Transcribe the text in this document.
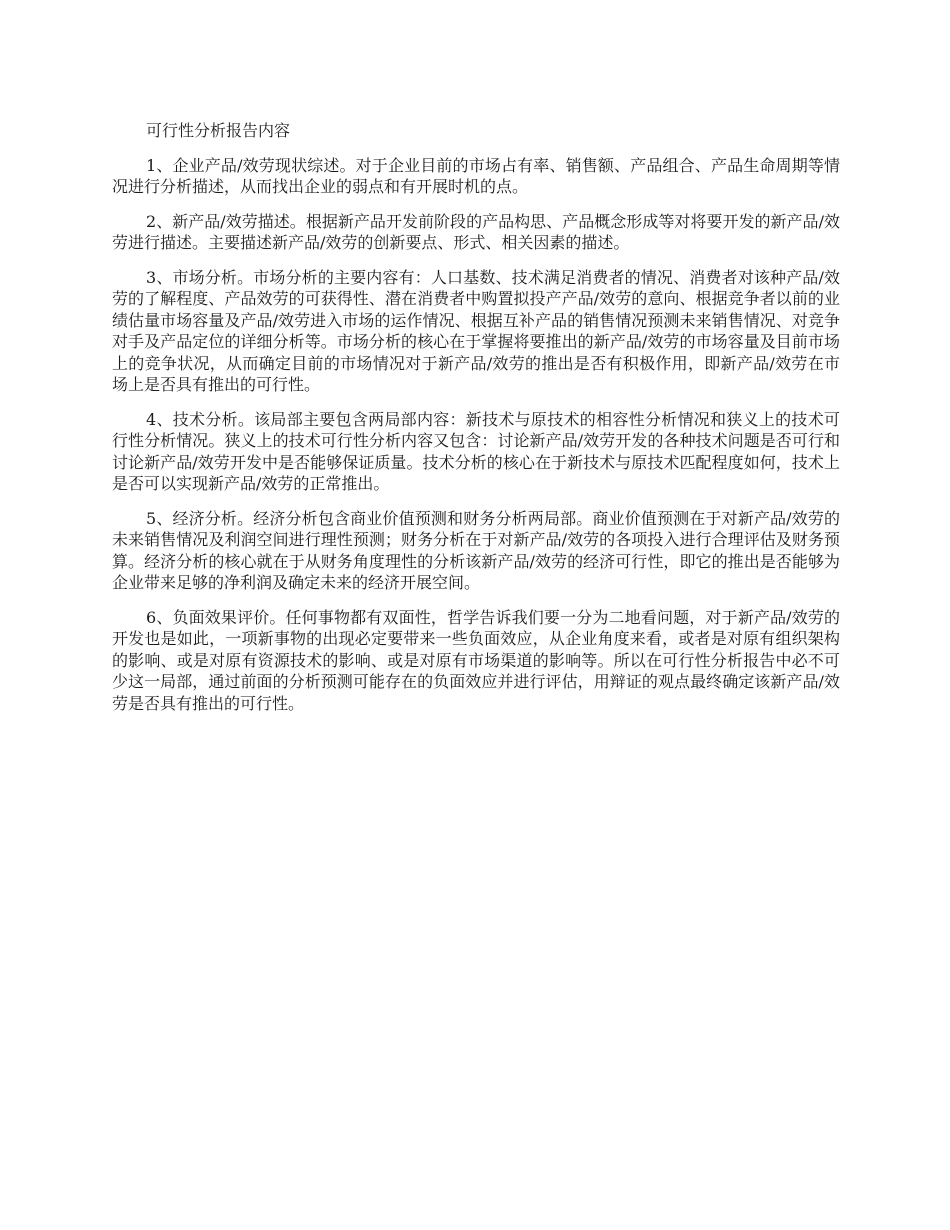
可行性分析报告内容

1、企业产品/效劳现状综述。对于企业目前的市场占有率、销售额、产品组合、产品生命周期等情况进行分析描述，从而找出企业的弱点和有开展时机的点。

2、新产品/效劳描述。根据新产品开发前阶段的产品构思、产品概念形成等对将要开发的新产品/效劳进行描述。主要描述新产品/效劳的创新要点、形式、相关因素的描述。

3、市场分析。市场分析的主要内容有：人口基数、技术满足消费者的情况、消费者对该种产品/效劳的了解程度、产品效劳的可获得性、潜在消费者中购置拟投产产品/效劳的意向、根据竞争者以前的业绩估量市场容量及产品/效劳进入市场的运作情况、根据互补产品的销售情况预测未来销售情况、对竞争对手及产品定位的详细分析等。市场分析的核心在于掌握将要推出的新产品/效劳的市场容量及目前市场上的竞争状况，从而确定目前的市场情况对于新产品/效劳的推出是否有积极作用，即新产品/效劳在市场上是否具有推出的可行性。

4、技术分析。该局部主要包含两局部内容：新技术与原技术的相容性分析情况和狭义上的技术可行性分析情况。狭义上的技术可行性分析内容又包含：讨论新产品/效劳开发的各种技术问题是否可行和讨论新产品/效劳开发中是否能够保证质量。技术分析的核心在于新技术与原技术匹配程度如何，技术上是否可以实现新产品/效劳的正常推出。

5、经济分析。经济分析包含商业价值预测和财务分析两局部。商业价值预测在于对新产品/效劳的未来销售情况及利润空间进行理性预测；财务分析在于对新产品/效劳的各项投入进行合理评估及财务预算。经济分析的核心就在于从财务角度理性的分析该新产品/效劳的经济可行性，即它的推出是否能够为企业带来足够的净利润及确定未来的经济开展空间。

6、负面效果评价。任何事物都有双面性，哲学告诉我们要一分为二地看问题，对于新产品/效劳的开发也是如此，一项新事物的出现必定要带来一些负面效应，从企业角度来看，或者是对原有组织架构的影响、或是对原有资源技术的影响、或是对原有市场渠道的影响等。所以在可行性分析报告中必不可少这一局部，通过前面的分析预测可能存在的负面效应并进行评估，用辩证的观点最终确定该新产品/效劳是否具有推出的可行性。
